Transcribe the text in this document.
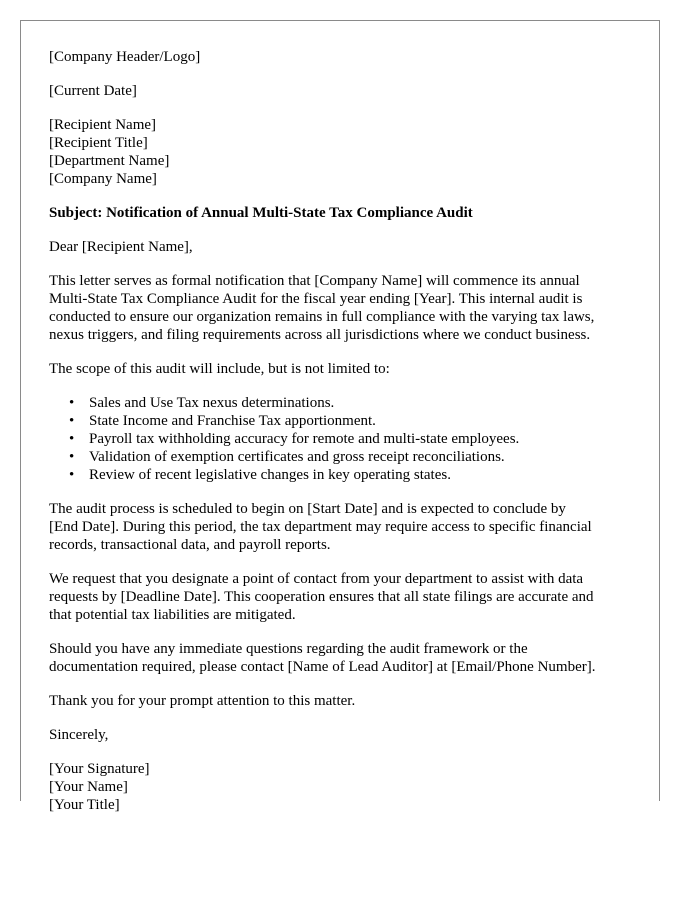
[Company Header/Logo]
[Current Date]
[Recipient Name]
[Recipient Title]
[Department Name]
[Company Name]
Subject: Notification of Annual Multi-State Tax Compliance Audit
Dear [Recipient Name],
This letter serves as formal notification that [Company Name] will commence its annual
Multi-State Tax Compliance Audit for the fiscal year ending [Year]. This internal audit is
conducted to ensure our organization remains in full compliance with the varying tax laws,
nexus triggers, and filing requirements across all jurisdictions where we conduct business.
The scope of this audit will include, but is not limited to:
• Sales and Use Tax nexus determinations.
• State Income and Franchise Tax apportionment.
• Payroll tax withholding accuracy for remote and multi-state employees.
• Validation of exemption certificates and gross receipt reconciliations.
• Review of recent legislative changes in key operating states.
The audit process is scheduled to begin on [Start Date] and is expected to conclude by
[End Date]. During this period, the tax department may require access to specific financial
records, transactional data, and payroll reports.
We request that you designate a point of contact from your department to assist with data
requests by [Deadline Date]. This cooperation ensures that all state filings are accurate and
that potential tax liabilities are mitigated.
Should you have any immediate questions regarding the audit framework or the
documentation required, please contact [Name of Lead Auditor] at [Email/Phone Number].
Thank you for your prompt attention to this matter.
Sincerely,
[Your Signature]
[Your Name]
[Your Title]
